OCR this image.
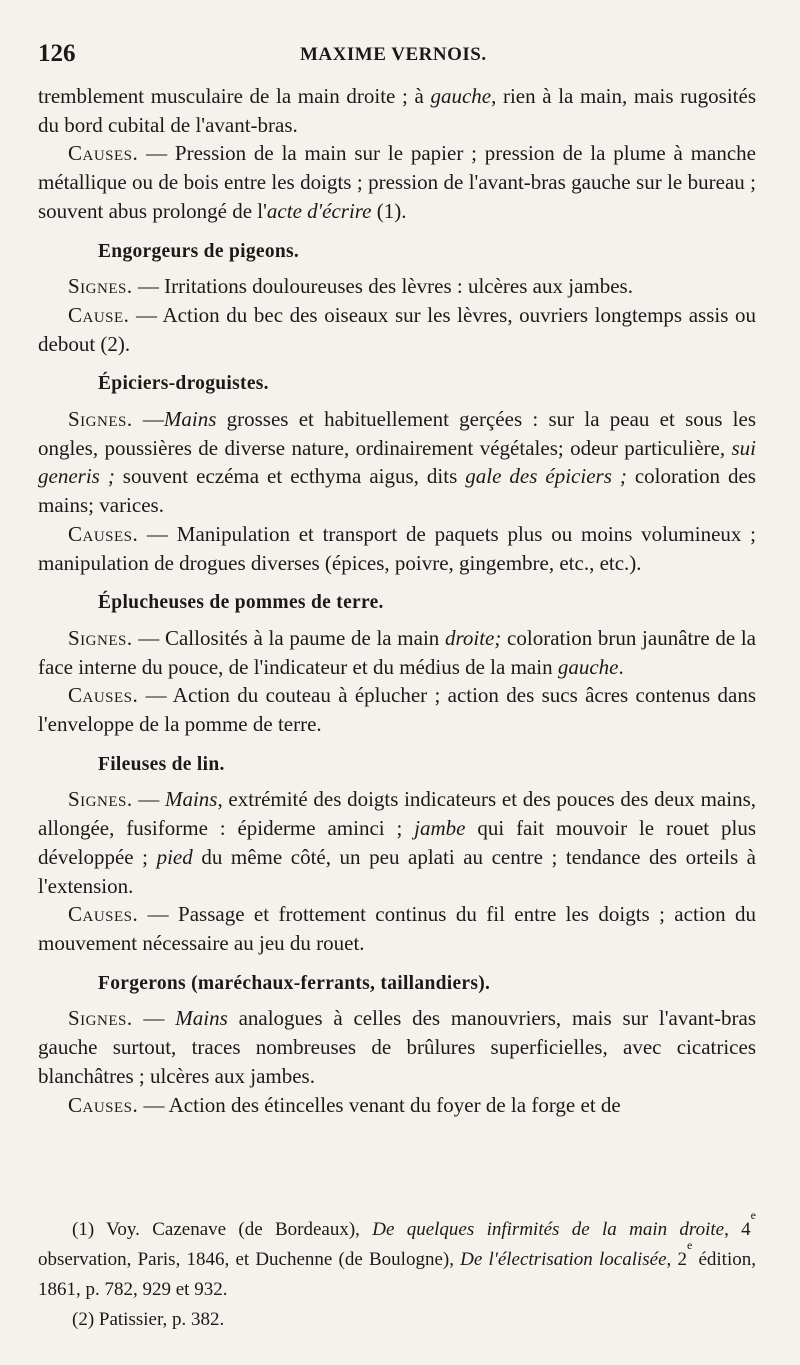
126	MAXIME VERNOIS.

tremblement musculaire de la main droite ; à gauche, rien à la main, mais rugosités du bord cubital de l'avant-bras.

Causes. — Pression de la main sur le papier ; pression de la plume à manche métallique ou de bois entre les doigts ; pression de l'avant-bras gauche sur le bureau ; souvent abus prolongé de l'acte d'écrire (1).

Engorgeurs de pigeons.

Signes. — Irritations douloureuses des lèvres : ulcères aux jambes.

Cause. — Action du bec des oiseaux sur les lèvres, ouvriers longtemps assis ou debout (2).

Épiciers-droguistes.

Signes. —Mains grosses et habituellement gerçées : sur la peau et sous les ongles, poussières de diverse nature, ordinairement végétales; odeur particulière, sui generis ; souvent eczéma et ecthyma aigus, dits gale des épiciers ; coloration des mains; varices.

Causes. — Manipulation et transport de paquets plus ou moins volumineux ; manipulation de drogues diverses (épices, poivre, gingembre, etc., etc.).

Éplucheuses de pommes de terre.

Signes. — Callosités à la paume de la main droite; coloration brun jaunâtre de la face interne du pouce, de l'indicateur et du médius de la main gauche.

Causes. — Action du couteau à éplucher ; action des sucs âcres contenus dans l'enveloppe de la pomme de terre.

Fileuses de lin.

Signes. — Mains, extrémité des doigts indicateurs et des pouces des deux mains, allongée, fusiforme : épiderme aminci ; jambe qui fait mouvoir le rouet plus développée ; pied du même côté, un peu aplati au centre ; tendance des orteils à l'extension.

Causes. — Passage et frottement continus du fil entre les doigts ; action du mouvement nécessaire au jeu du rouet.

Forgerons (maréchaux-ferrants, taillandiers).

Signes. — Mains analogues à celles des manouvriers, mais sur l'avant-bras gauche surtout, traces nombreuses de brûlures superficielles, avec cicatrices blanchâtres ; ulcères aux jambes.

Causes. — Action des étincelles venant du foyer de la forge et de

(1) Voy. Cazenave (de Bordeaux), De quelques infirmités de la main droite, 4e observation, Paris, 1846, et Duchenne (de Boulogne), De l'électrisation localisée, 2e édition, 1861, p. 782, 929 et 932.

(2) Patissier, p. 382.
